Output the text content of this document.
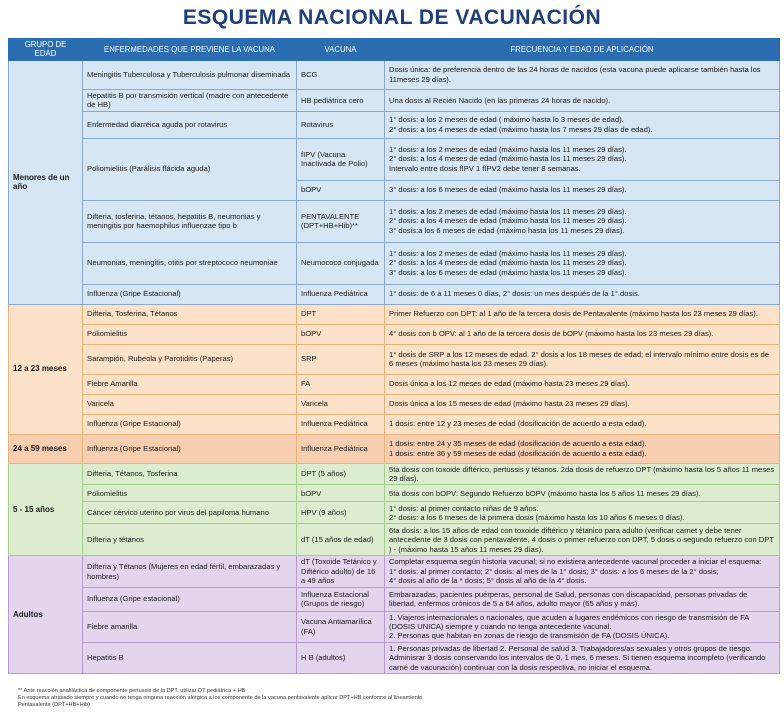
ESQUEMA NACIONAL DE VACUNACIÓN
GRUPO DE EDAD	ENFERMEDADES QUE PREVIENE LA VACUNA	VACUNA	FRECUENCIA Y EDAD DE APLICACIÓN
Menores de un año	Meningitis Tuberculosa y Tuberculosis pulmonar diseminada	BCG	Dosis única: de preferencia dentro de las 24 horas de nacidos (esta vacuna puede aplicarse también hasta los 11meses 29 días).
	Hepatitis B por transmisión vertical (madre con antecedente de HB)	HB pediátrica cero	Una dosis al Recién Nacido (en las primeras 24 horas de nacido).
	Enfermedad diarréica aguda por rotavirus	Rotavirus	1° dosis: a los 2 meses de edad ( máximo hasta lo 3 meses de edad).
2° dosis: a los 4 meses de edad (máximo hasta los 7 meses 29 días de edad).
	Poliomielitis (Parálisis flácida aguda)	fIPV (Vacuna Inactivada de Polio)	1° dosis: a los 2 meses de edad (máximo hasta los 11 meses 29 días).
2° dosis: a los 4 meses de edad (máximo hasta los 11 meses 29 días).
Intervalo entre dosis fIPV 1 fIPV2 debe tener 8 semanas.
		bOPV	3° dosis: a los 6 meses de edad (máximo hasta los 11 meses 29 días).
	Difteria, tosferina, tétanos, hepatitis B, neumonias y meningitis por haemophilus influenzae tipo b	PENTAVALENTE (DPT+HB+Hib)**	1° dosis: a los 2 meses de edad (máximo hasta los 11 meses 29 días).
2° dosis: a los 4 meses de edad (máximo hasta los 11 meses 29 días).
3° dosis:a los 6 meses de edad (máximo hasta los 11 meses 29 días).
	Neumonias, meningitis, otitis por streptococo neumoniae	Neumococo conjugada	1° dosis: a los 2 meses de edad (máximo hasta los 11 meses 29 días).
2° dosis: a los 4 meses de edad (máximo hasta los 11 meses 29 días).
3° dosis: a los 6 meses de edad (máximo hasta los 11 meses 29 días).
	Influenza (Gripe Estacional)	Influenza Pediátrica	1° dosis: de 6 a 11 meses 0 días, 2° dosis: un mes después de la 1° dosis.
12 a 23 meses	Difteria, Tosferina, Tétanos	DPT	Primer Refuerzo con DPT: al 1 año de la tercera dosis de Pentavalente (máximo hasta los 23 meses 29 días).
	Poliomielitis	bOPV	4° dosis con b OPV: al 1 año de la tercera dosis de bOPV (máximo hasta los 23 meses 29 días).
	Sarampión, Rubeola y Parotiditis (Paperas)	SRP	1° dosis de SRP a los 12 meses de edad. 2° dosis a los 18 meses de edad; el intervalo mínimo entre dosis es de 6 meses (máximo hasta los 23 meses 29 días).
	Fiebre Amarilla	FA	Dosis única a los 12 meses de edad (máximo hasta 23 meses 29 días).
	Varicela	Varicela	Dosis única a los 15 meses de edad (máximo hasta 23 meses 29 días).
	Influenza (Gripe Estacional)	Influenza Pediátrica	1 dosis: entre 12 y 23 meses de edad (dosificación de acuerdo a esta edad).
24 a 59 meses	Influenza (Gripe Estacional)	Influenza Pediátrica	1 dosis: entre 24 y 35 meses de edad (dosificación de acuerdo a esta edad).
1 dosis: entre 36 y 59 meses de edad (dosificación de acuerdo a esta edad).
5 - 15 años	Difteria, Tétanos, Tosferina	DPT (5 años)	5ta dosis con toxoide diftérico, pertussis y tétanos. 2da dosis de refuerzo DPT (máximo hasta los 5 años 11 meses 29 días).
	Poliomielitis	bOPV	5ta dosis con bOPV: Segundo Refuerzo bOPV (máximo hasta los 5 años 11 meses 29 días).
	Cáncer cérvico uterino por virus del papiloma humano	HPV (9 años)	1° dosis: al primer contacto niñas de 9 años.
2° dosis: a los 6 meses de la primera dosis (máximo hasta los 10 años 6 meses 0 días).
	Difteria y tétanos	dT (15 años de edad)	6ta dosis: a los 15 años de edad con toxoide diftérico y tétanico para adulto (verificar carnet y debe tener antecedente de 3 dosis con pentavalente, 4 dosis o primer refuerzo con DPT, 5 dosis o segundo refuerzo con DPT ) - (máximo hasta 15 años 11 meses 29 días).
Adultos	Difteria y Tétanos (Mujeres en edad fértil, embarazadas y hombres)	dT (Toxoide Tetánico y Diftérico adulto) de 16 a 49 años	Completar esquema según historia vacunal; si no existiera antecedente vacunal proceder a iniciar el esquema:
1° dosis: al primer contacto; 2° dosis: al mes de la 1° dosis; 3° dosis: a los 6 meses de la 2° dosis;
4° dosis al año de la * dosis; 5° dosis al año de la 4° dosis.
	Influenza (Gripe estacional)	Influenza Estacional (Grupos de riesgo)	Embarazadas, pacientes puérperas, personal de Salud, personas con discapacidad, personas privadas de libertad, enfermos crónicos de 5 a 64 años, adulto mayor (65 años y más).
	Fiebre amarilla	Vacuna Antiamarílica (FA)	1. Viajeros internacionales o nacionales, que acuden a lugares endémicos con riesgo de transmisión de FA (DOSIS UNICA) siempre y cuando no tenga antecedente vacunal.
2. Personas que habitan en zonas de riesgo de transmisión de FA (DOSIS ÚNICA).
	Hepatitis B	H B (adultos)	1. Personas privadas de libertad 2. Personal de salud 3. Trabajadores/as sexuales y otros grupos de riesgo.
Adminisrar 3 dosis conservando los intervalos de 0, 1 mes, 6 meses. Si tienen esquema incompleto (verificando carné de vacunación) continuar con la dosis respectiva, no iniciar el esquema.
** Ante reacción anafiláctica de componente pertussis de la DPT, utilizar DT pediátrica + HB
En esquema atrasado siempre y cuando no tenga ninguna reacción alérgica a los componente de la vacuna pentavalente aplicar DPT+HB conforme al lineamiento
Pentavalente (DPT+HB+Hib)
